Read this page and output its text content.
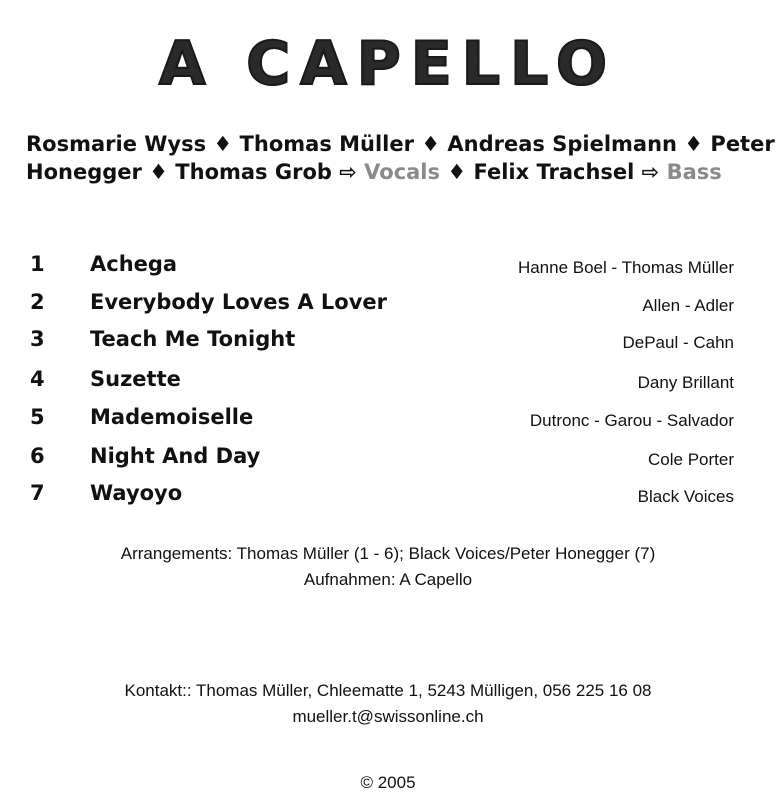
A CAPELLO
Rosmarie Wyss ♦ Thomas Müller ♦ Andreas Spielmann ♦ Peter
Honegger ♦ Thomas Grob ⇨ Vocals ♦ Felix Trachsel ⇨ Bass
1 Achega	Hanne Boel - Thomas Müller
2 Everybody Loves A Lover	Allen - Adler
3 Teach Me Tonight	DePaul - Cahn
4 Suzette	Dany Brillant
5 Mademoiselle	Dutronc - Garou - Salvador
6 Night And Day	Cole Porter
7 Wayoyo	Black Voices
Arrangements: Thomas Müller (1 - 6); Black Voices/Peter Honegger (7)
Aufnahmen: A Capello
Kontakt:: Thomas Müller, Chleematte 1, 5243 Mülligen, 056 225 16 08
mueller.t@swissonline.ch
© 2005
